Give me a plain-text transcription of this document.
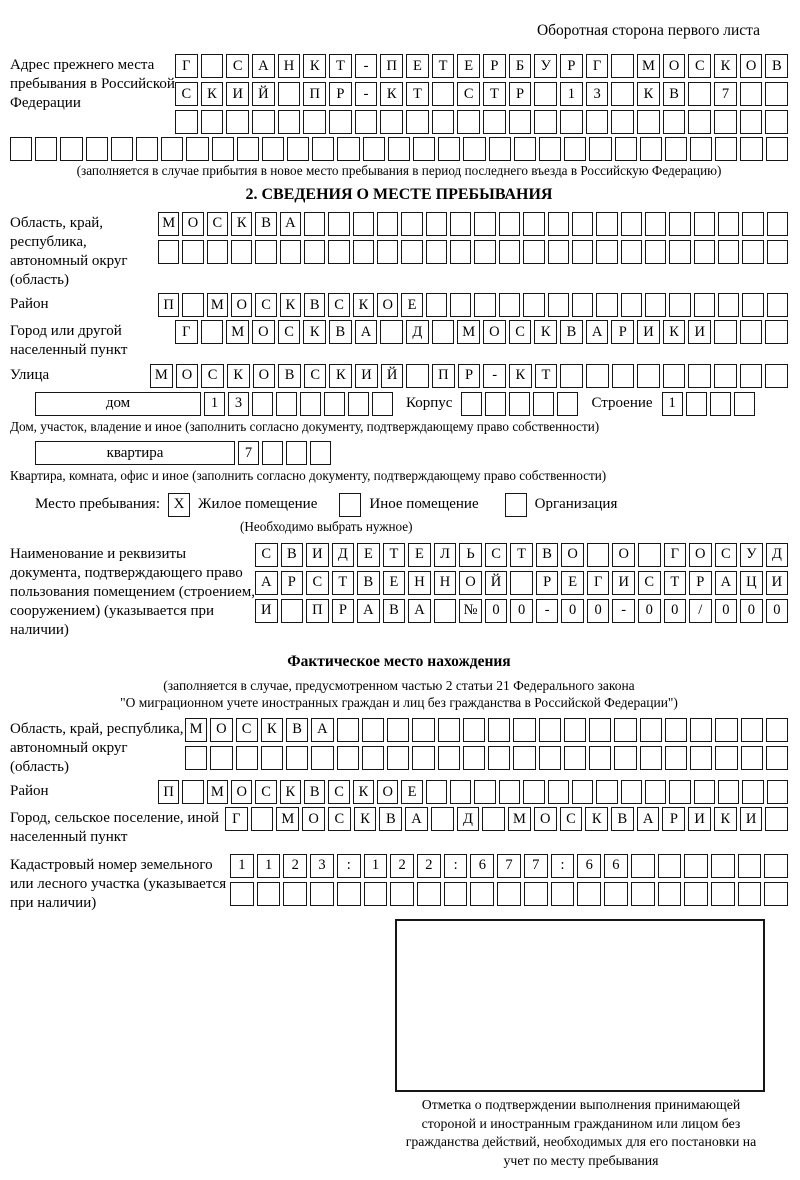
Оборотная сторона первого листа
Адрес прежнего места пребывания в Российской Федерации
Г	С	А	Н	К	Т	-	П	Е	Т	Е	Р	Б	У	Р	Г	М О	С	К	О	В
С	К	И	Й	П	Р	-	К	Т	С	Т	Р	1	3	К	В	7
(заполняется в случае прибытия в новое место пребывания в период последнего въезда в Российскую Федерацию)
2. СВЕДЕНИЯ О МЕСТЕ ПРЕБЫВАНИЯ
Область, край, республика, автономный округ (область)
М О С	К	В А
Район	П	М О С	К	В	С	К О	Е
Город или другой населенный пункт
Г	М О	С	К	В	А	Д	М О	С	К	В	А	Р	И	К	И
Улица	М О	С	К	О	В	С	К	И	Й	П	Р	-	К	Т
дом	1	3	Корпус	Строение	1
Дом, участок, владение и иное (заполнить согласно документу, подтверждающему право собственности)
квартира	7
Квартира, комната, офис и иное (заполнить согласно документу, подтверждающему право собственности)
Место пребывания: X Жилое помещение	Иное помещение	Организация
(Необходимо выбрать нужное)
Наименование и реквизиты документа, подтверждающего право пользования помещением (строением, сооружением) (указывается при наличии)
С	В	И	Д	Е	Т	Е	Л	Ь	С	Т	В	О	О	Г	О	С	У	Д
А	Р	С	Т	В	Е	Н	Н	О	Й	Р	Е	Г	И	С	Т	Р	А	Ц	И
И	П	Р	А	В	А	№	0	0	-	0	0	-	0	0	/	0	0	0
Фактическое место нахождения
(заполняется в случае, предусмотренном частью 2 статьи 21 Федерального закона
"О миграционном учете иностранных граждан и лиц без гражданства в Российской Федерации")
Область, край, республика, автономный округ (область)
М О	С	К	В	А
Район	П	М О С	К	В	С	К О	Е
Город, сельское поселение, иной населенный пункт
Г	М О	С	К	В	А	Д	М О	С	К	В	А	Р	И	К	И
Кадастровый номер земельного или лесного участка (указывается при наличии)
1	1	2	3	:	1	2	2	:	6	7	7	:	6	6
Отметка о подтверждении выполнения принимающей стороной и иностранным гражданином или лицом без гражданства действий, необходимых для его постановки на учет по месту пребывания
